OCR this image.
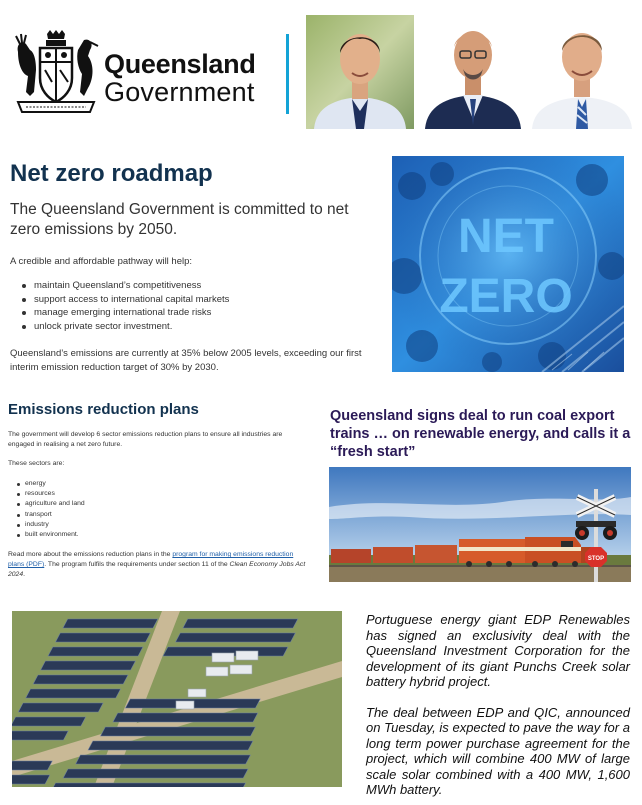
Queensland
Government
Net zero roadmap

The Queensland Government is committed to net zero emissions by 2050.

A credible and affordable pathway will help:

maintain Queensland’s competitiveness
support access to international capital markets
manage emerging international trade risks
unlock private sector investment.

Queensland’s emissions are currently at 35% below 2005 levels, exceeding our first interim emission reduction target of 30% by 2030.

NET
ZERO
Emissions reduction plans

The government will develop 6 sector emissions reduction plans to ensure all industries are engaged in realising a net zero future.

These sectors are:

energy
resources
agriculture and land
transport
industry
built environment.

Read more about the emissions reduction plans in the program for making emissions reduction plans (PDF). The program fulfils the requirements under section 11 of the Clean Economy Jobs Act 2024.

Queensland signs deal to run coal export trains … on renewable energy, and calls it a “fresh start”
STOP

Portuguese energy giant EDP Renewables has signed an exclusivity deal with the Queensland Investment Corporation for the development of its giant Punchs Creek solar battery hybrid project.

The deal between EDP and QIC, announced on Tuesday, is expected to pave the way for a long term power purchase agreement for the project, which will combine 400 MW of large scale solar combined with a 400 MW, 1,600 MWh battery.
